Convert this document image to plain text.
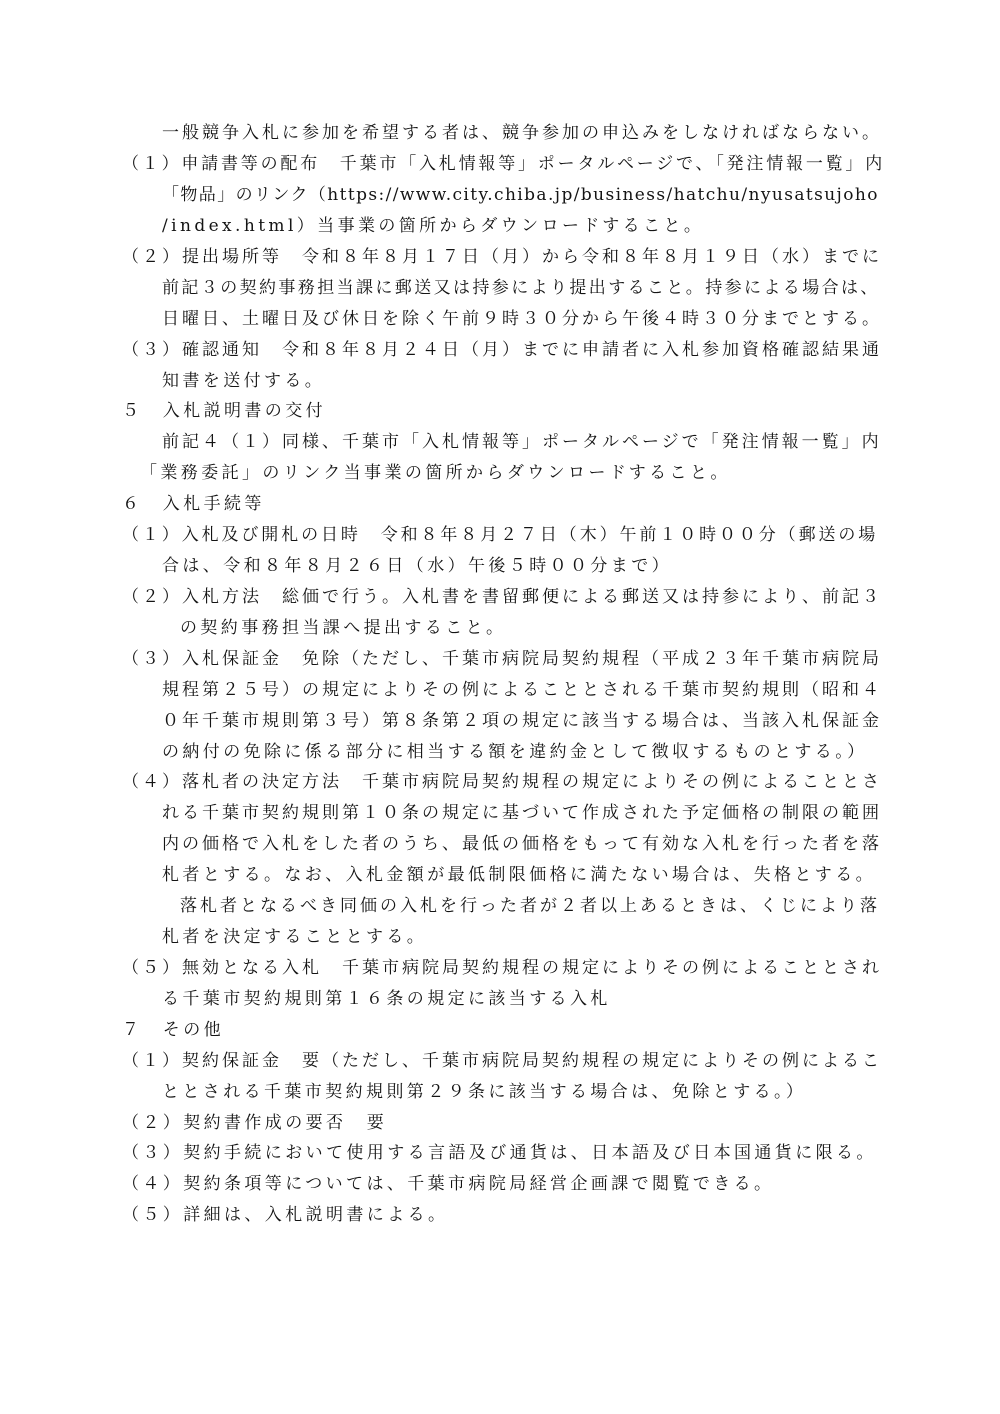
一般競争入札に参加を希望する者は、競争参加の申込みをしなければならない。

（１）申請書等の配布　千葉市「入札情報等」ポータルページで、「発注情報一覧」内

「物品」のリンク（https://www.city.chiba.jp/business/hatchu/nyusatsujoho

/index.html）当事業の箇所からダウンロードすること。

（２）提出場所等　令和８年８月１７日（月）から令和８年８月１９日（水）までに

前記３の契約事務担当課に郵送又は持参により提出すること。持参による場合は、

日曜日、土曜日及び休日を除く午前９時３０分から午後４時３０分までとする。

（３）確認通知　令和８年８月２４日（月）までに申請者に入札参加資格確認結果通

知書を送付する。

５　入札説明書の交付

前記４（１）同様、千葉市「入札情報等」ポータルページで「発注情報一覧」内

「業務委託」のリンク当事業の箇所からダウンロードすること。

６　入札手続等

（１）入札及び開札の日時　令和８年８月２７日（木）午前１０時００分（郵送の場

合は、令和８年８月２６日（水）午後５時００分まで）

（２）入札方法　総価で行う。入札書を書留郵便による郵送又は持参により、前記３

の契約事務担当課へ提出すること。

（３）入札保証金　免除（ただし、千葉市病院局契約規程（平成２３年千葉市病院局

規程第２５号）の規定によりその例によることとされる千葉市契約規則（昭和４

０年千葉市規則第３号）第８条第２項の規定に該当する場合は、当該入札保証金

の納付の免除に係る部分に相当する額を違約金として徴収するものとする。）

（４）落札者の決定方法　千葉市病院局契約規程の規定によりその例によることとさ

れる千葉市契約規則第１０条の規定に基づいて作成された予定価格の制限の範囲

内の価格で入札をした者のうち、最低の価格をもって有効な入札を行った者を落

札者とする。なお、入札金額が最低制限価格に満たない場合は、失格とする。

落札者となるべき同価の入札を行った者が２者以上あるときは、くじにより落

札者を決定することとする。

（５）無効となる入札　千葉市病院局契約規程の規定によりその例によることとされ

る千葉市契約規則第１６条の規定に該当する入札

７　その他

（１）契約保証金　要（ただし、千葉市病院局契約規程の規定によりその例によるこ

ととされる千葉市契約規則第２９条に該当する場合は、免除とする。）

（２）契約書作成の要否　要

（３）契約手続において使用する言語及び通貨は、日本語及び日本国通貨に限る。

（４）契約条項等については、千葉市病院局経営企画課で閲覧できる。

（５）詳細は、入札説明書による。
